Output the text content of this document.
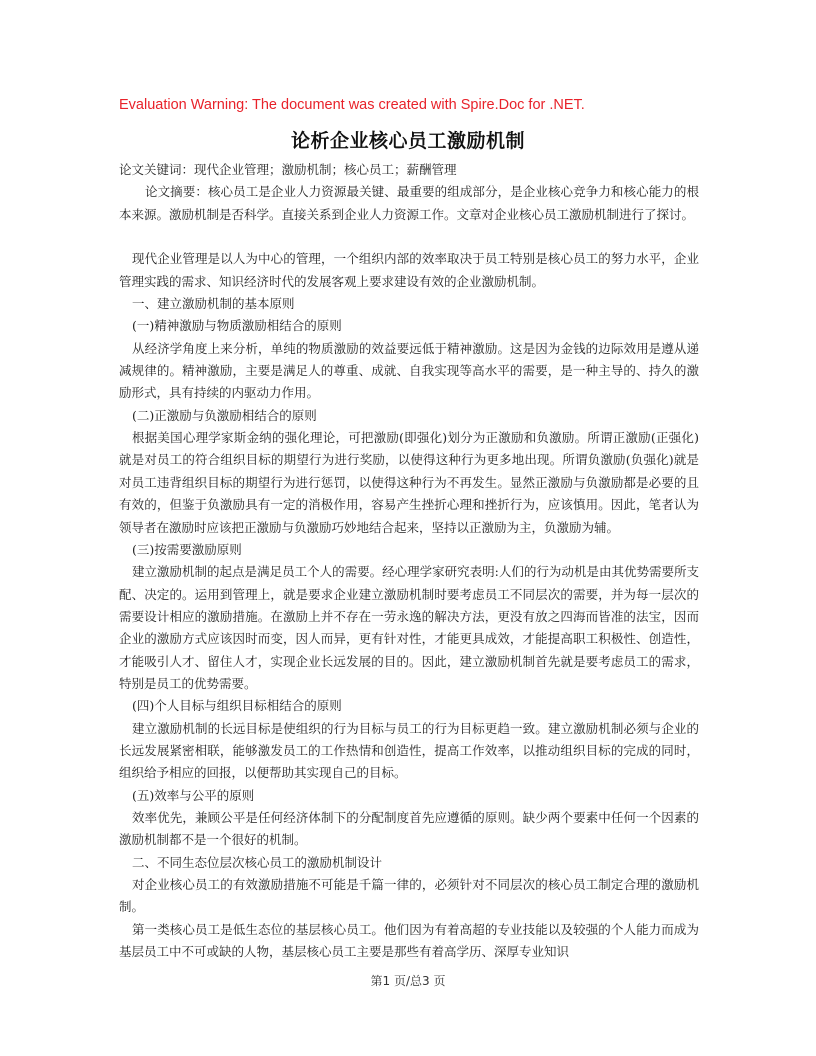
Evaluation Warning: The document was created with Spire.Doc for .NET.
论析企业核心员工激励机制

论文关键词：现代企业管理；激励机制；核心员工；薪酬管理

论文摘要：核心员工是企业人力资源最关键、最重要的组成部分，是企业核心竞争力和核心能力的根本来源。激励机制是否科学。直接关系到企业人力资源工作。文章对企业核心员工激励机制进行了探讨。

现代企业管理是以人为中心的管理，一个组织内部的效率取决于员工特别是核心员工的努力水平，企业管理实践的需求、知识经济时代的发展客观上要求建设有效的企业激励机制。

一、建立激励机制的基本原则

(一)精神激励与物质激励相结合的原则

从经济学角度上来分析，单纯的物质激励的效益要远低于精神激励。这是因为金钱的边际效用是遵从递减规律的。精神激励，主要是满足人的尊重、成就、自我实现等高水平的需要，是一种主导的、持久的激励形式，具有持续的内驱动力作用。

(二)正激励与负激励相结合的原则

根据美国心理学家斯金纳的强化理论，可把激励(即强化)划分为正激励和负激励。所谓正激励(正强化)就是对员工的符合组织目标的期望行为进行奖励，以使得这种行为更多地出现。所谓负激励(负强化)就是对员工违背组织目标的期望行为进行惩罚，以使得这种行为不再发生。显然正激励与负激励都是必要的且有效的，但鉴于负激励具有一定的消极作用，容易产生挫折心理和挫折行为，应该慎用。因此，笔者认为领导者在激励时应该把正激励与负激励巧妙地结合起来，坚持以正激励为主，负激励为辅。

(三)按需要激励原则

建立激励机制的起点是满足员工个人的需要。经心理学家研究表明:人们的行为动机是由其优势需要所支配、决定的。运用到管理上，就是要求企业建立激励机制时要考虑员工不同层次的需要，并为每一层次的需要设计相应的激励措施。在激励上并不存在一劳永逸的解决方法，更没有放之四海而皆准的法宝，因而企业的激励方式应该因时而变，因人而异，更有针对性，才能更具成效，才能提高职工积极性、创造性，才能吸引人才、留住人才，实现企业长远发展的目的。因此，建立激励机制首先就是要考虑员工的需求，特别是员工的优势需要。

(四)个人目标与组织目标相结合的原则

建立激励机制的长远目标是使组织的行为目标与员工的行为目标更趋一致。建立激励机制必须与企业的长远发展紧密相联，能够激发员工的工作热情和创造性，提高工作效率，以推动组织目标的完成的同时，组织给予相应的回报，以便帮助其实现自己的目标。

(五)效率与公平的原则

效率优先，兼顾公平是任何经济体制下的分配制度首先应遵循的原则。缺少两个要素中任何一个因素的激励机制都不是一个很好的机制。

二、不同生态位层次核心员工的激励机制设计

对企业核心员工的有效激励措施不可能是千篇一律的，必须针对不同层次的核心员工制定合理的激励机制。

第一类核心员工是低生态位的基层核心员工。他们因为有着高超的专业技能以及较强的个人能力而成为基层员工中不可或缺的人物，基层核心员工主要是那些有着高学历、深厚专业知识

第1 页/总3 页
